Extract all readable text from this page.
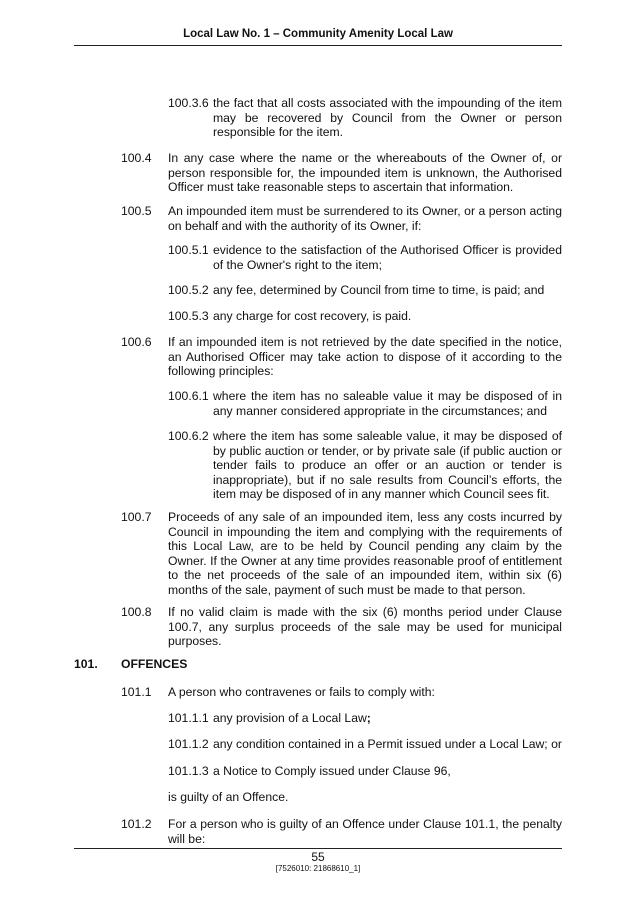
Local Law No. 1 – Community Amenity Local Law
100.3.6 the fact that all costs associated with the impounding of the item may be recovered by Council from the Owner or person responsible for the item.
100.4 In any case where the name or the whereabouts of the Owner of, or person responsible for, the impounded item is unknown, the Authorised Officer must take reasonable steps to ascertain that information.
100.5 An impounded item must be surrendered to its Owner, or a person acting on behalf and with the authority of its Owner, if:
100.5.1 evidence to the satisfaction of the Authorised Officer is provided of the Owner's right to the item;
100.5.2 any fee, determined by Council from time to time, is paid; and
100.5.3 any charge for cost recovery, is paid.
100.6 If an impounded item is not retrieved by the date specified in the notice, an Authorised Officer may take action to dispose of it according to the following principles:
100.6.1 where the item has no saleable value it may be disposed of in any manner considered appropriate in the circumstances; and
100.6.2 where the item has some saleable value, it may be disposed of by public auction or tender, or by private sale (if public auction or tender fails to produce an offer or an auction or tender is inappropriate), but if no sale results from Council’s efforts, the item may be disposed of in any manner which Council sees fit.
100.7 Proceeds of any sale of an impounded item, less any costs incurred by Council in impounding the item and complying with the requirements of this Local Law, are to be held by Council pending any claim by the Owner. If the Owner at any time provides reasonable proof of entitlement to the net proceeds of the sale of an impounded item, within six (6) months of the sale, payment of such must be made to that person.
100.8 If no valid claim is made with the six (6) months period under Clause 100.7, any surplus proceeds of the sale may be used for municipal purposes.
101. OFFENCES
101.1 A person who contravenes or fails to comply with:
101.1.1 any provision of a Local Law;
101.1.2 any condition contained in a Permit issued under a Local Law; or
101.1.3 a Notice to Comply issued under Clause 96,
is guilty of an Offence.
101.2 For a person who is guilty of an Offence under Clause 101.1, the penalty will be:
55
[7526010: 21868610_1]
